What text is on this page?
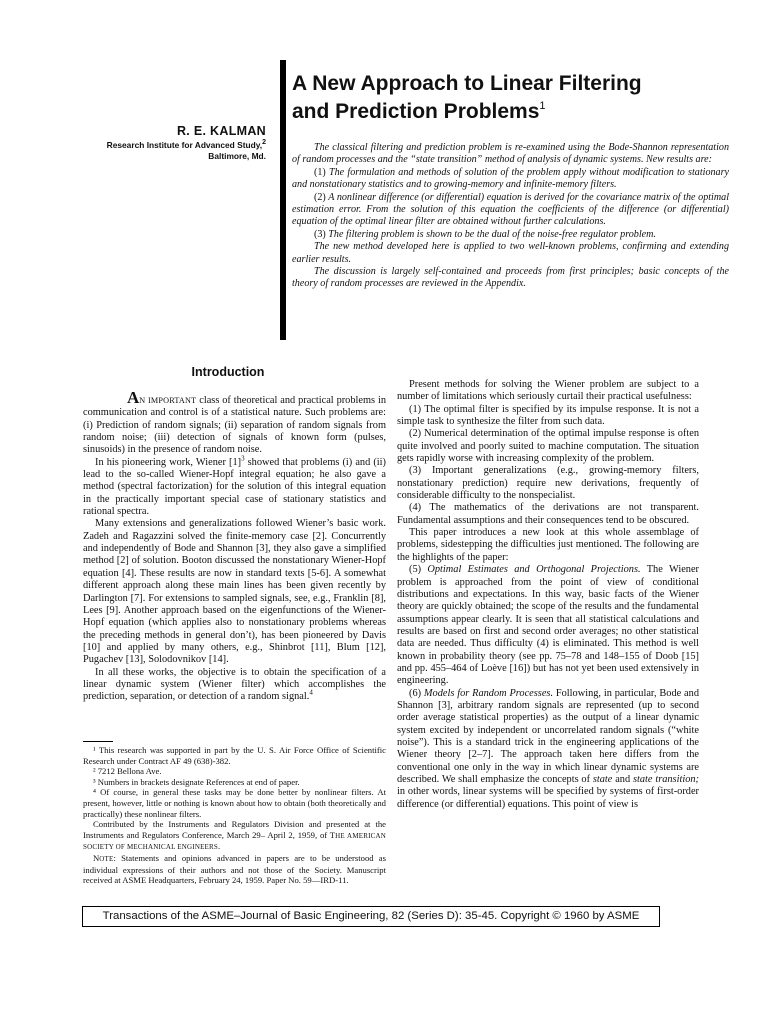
R. E. KALMAN
Research Institute for Advanced Study,$^2$
Baltimore, Md.
A New Approach to Linear Filtering
and Prediction Problems$^1$

The classical filtering and prediction problem is re-examined using the Bode-Shannon representation of random processes and the “state transition” method of analysis of dynamic systems. New results are:

(1) The formulation and methods of solution of the problem apply without modification to stationary and nonstationary statistics and to growing-memory and infinite-memory filters.

(2) A nonlinear difference (or differential) equation is derived for the covariance matrix of the optimal estimation error. From the solution of this equation the coefficients of the difference (or differential) equation of the optimal linear filter are obtained without further calculations.

(3) The filtering problem is shown to be the dual of the noise-free regulator problem.

The new method developed here is applied to two well-known problems, confirming and extending earlier results.

The discussion is largely self-contained and proceeds from first principles; basic concepts of the theory of random processes are reviewed in the Appendix.

Introduction

AN IMPORTANT class of theoretical and practical problems in communication and control is of a statistical nature. Such problems are: (i) Prediction of random signals; (ii) separation of random signals from random noise; (iii) detection of signals of known form (pulses, sinusoids) in the presence of random noise.

In his pioneering work, Wiener $[1]^3$ showed that problems (i) and (ii) lead to the so-called Wiener-Hopf integral equation; he also gave a method (spectral factorization) for the solution of this integral equation in the practically important special case of stationary statistics and rational spectra.

Many extensions and generalizations followed Wiener’s basic work. Zadeh and Ragazzini solved the finite-memory case [2]. Concurrently and independently of Bode and Shannon [3], they also gave a simplified method [2] of solution. Booton discussed the nonstationary Wiener-Hopf equation [4]. These results are now in standard texts [5-6]. A somewhat different approach along these main lines has been given recently by Darlington [7]. For extensions to sampled signals, see, e.g., Franklin [8], Lees [9]. Another approach based on the eigenfunctions of the Wiener-Hopf equation (which applies also to nonstationary problems whereas the preceding methods in general don’t), has been pioneered by Davis [10] and applied by many others, e.g., Shinbrot [11], Blum [12], Pugachev [13], Solodovnikov [14].

In all these works, the objective is to obtain the specification of a linear dynamic system (Wiener filter) which accomplishes the prediction, separation, or detection of a random signal.$^4$

¹ This research was supported in part by the U. S. Air Force Office of Scientific Research under Contract AF 49 (638)-382.

² 7212 Bellona Ave.

³ Numbers in brackets designate References at end of paper.

⁴ Of course, in general these tasks may be done better by nonlinear filters. At present, however, little or nothing is known about how to obtain (both theoretically and practically) these nonlinear filters.

Contributed by the Instruments and Regulators Division and presented at the Instruments and Regulators Conference, March 29– April 2, 1959, of THE AMERICAN SOCIETY OF MECHANICAL ENGINEERS.

NOTE: Statements and opinions advanced in papers are to be understood as individual expressions of their authors and not those of the Society. Manuscript received at ASME Headquarters, February 24, 1959. Paper No. 59—IRD-11.

Present methods for solving the Wiener problem are subject to a number of limitations which seriously curtail their practical usefulness:

(1) The optimal filter is specified by its impulse response. It is not a simple task to synthesize the filter from such data.

(2) Numerical determination of the optimal impulse response is often quite involved and poorly suited to machine computation. The situation gets rapidly worse with increasing complexity of the problem.

(3) Important generalizations (e.g., growing-memory filters, nonstationary prediction) require new derivations, frequently of considerable difficulty to the nonspecialist.

(4) The mathematics of the derivations are not transparent. Fundamental assumptions and their consequences tend to be obscured.

This paper introduces a new look at this whole assemblage of problems, sidestepping the difficulties just mentioned. The following are the highlights of the paper:

(5) Optimal Estimates and Orthogonal Projections. The Wiener problem is approached from the point of view of conditional distributions and expectations. In this way, basic facts of the Wiener theory are quickly obtained; the scope of the results and the fundamental assumptions appear clearly. It is seen that all statistical calculations and results are based on first and second order averages; no other statistical data are needed. Thus difficulty (4) is eliminated. This method is well known in probability theory (see pp. 75–78 and 148–155 of Doob [15] and pp. 455–464 of Loève [16]) but has not yet been used extensively in engineering.

(6) Models for Random Processes. Following, in particular, Bode and Shannon [3], arbitrary random signals are represented (up to second order average statistical properties) as the output of a linear dynamic system excited by independent or uncorrelated random signals (“white noise”). This is a standard trick in the engineering applications of the Wiener theory [2–7]. The approach taken here differs from the conventional one only in the way in which linear dynamic systems are described. We shall emphasize the concepts of state and state transition; in other words, linear systems will be specified by systems of first-order difference (or differential) equations. This point of view is

Transactions of the ASME–Journal of Basic Engineering, 82 (Series D): 35-45. Copyright © 1960 by ASME
